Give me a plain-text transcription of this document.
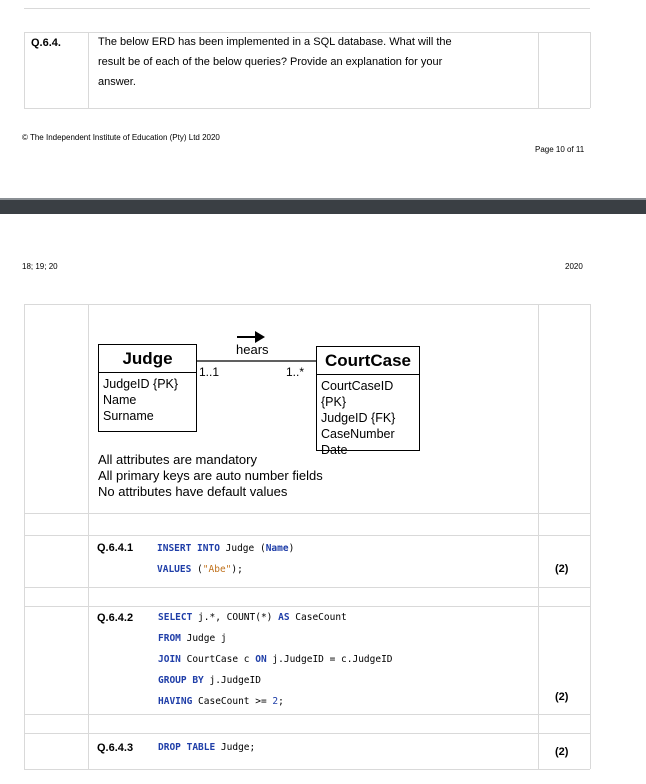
Q.6.4.	The below ERD has been implemented in a SQL database. What will the
result be of each of the below queries? Provide an explanation for your
answer.
© The Independent Institute of Education (Pty) Ltd 2020
Page 10 of 11
18; 19; 20	2020
hears
1..1	1..*
Judge
JudgeID {PK}
Name
Surname
CourtCase
CourtCaseID {PK}
JudgeID {FK}
CaseNumber
Date
All attributes are mandatory
All primary keys are auto number fields
No attributes have default values
Q.6.4.1	INSERT INTO Judge (Name)
VALUES ("Abe");	(2)
Q.6.4.2	SELECT j.*, COUNT(*) AS CaseCount
FROM Judge j
JOIN CourtCase c ON j.JudgeID = c.JudgeID
GROUP BY j.JudgeID
HAVING CaseCount >= 2;	(2)
Q.6.4.3	DROP TABLE Judge;	(2)
